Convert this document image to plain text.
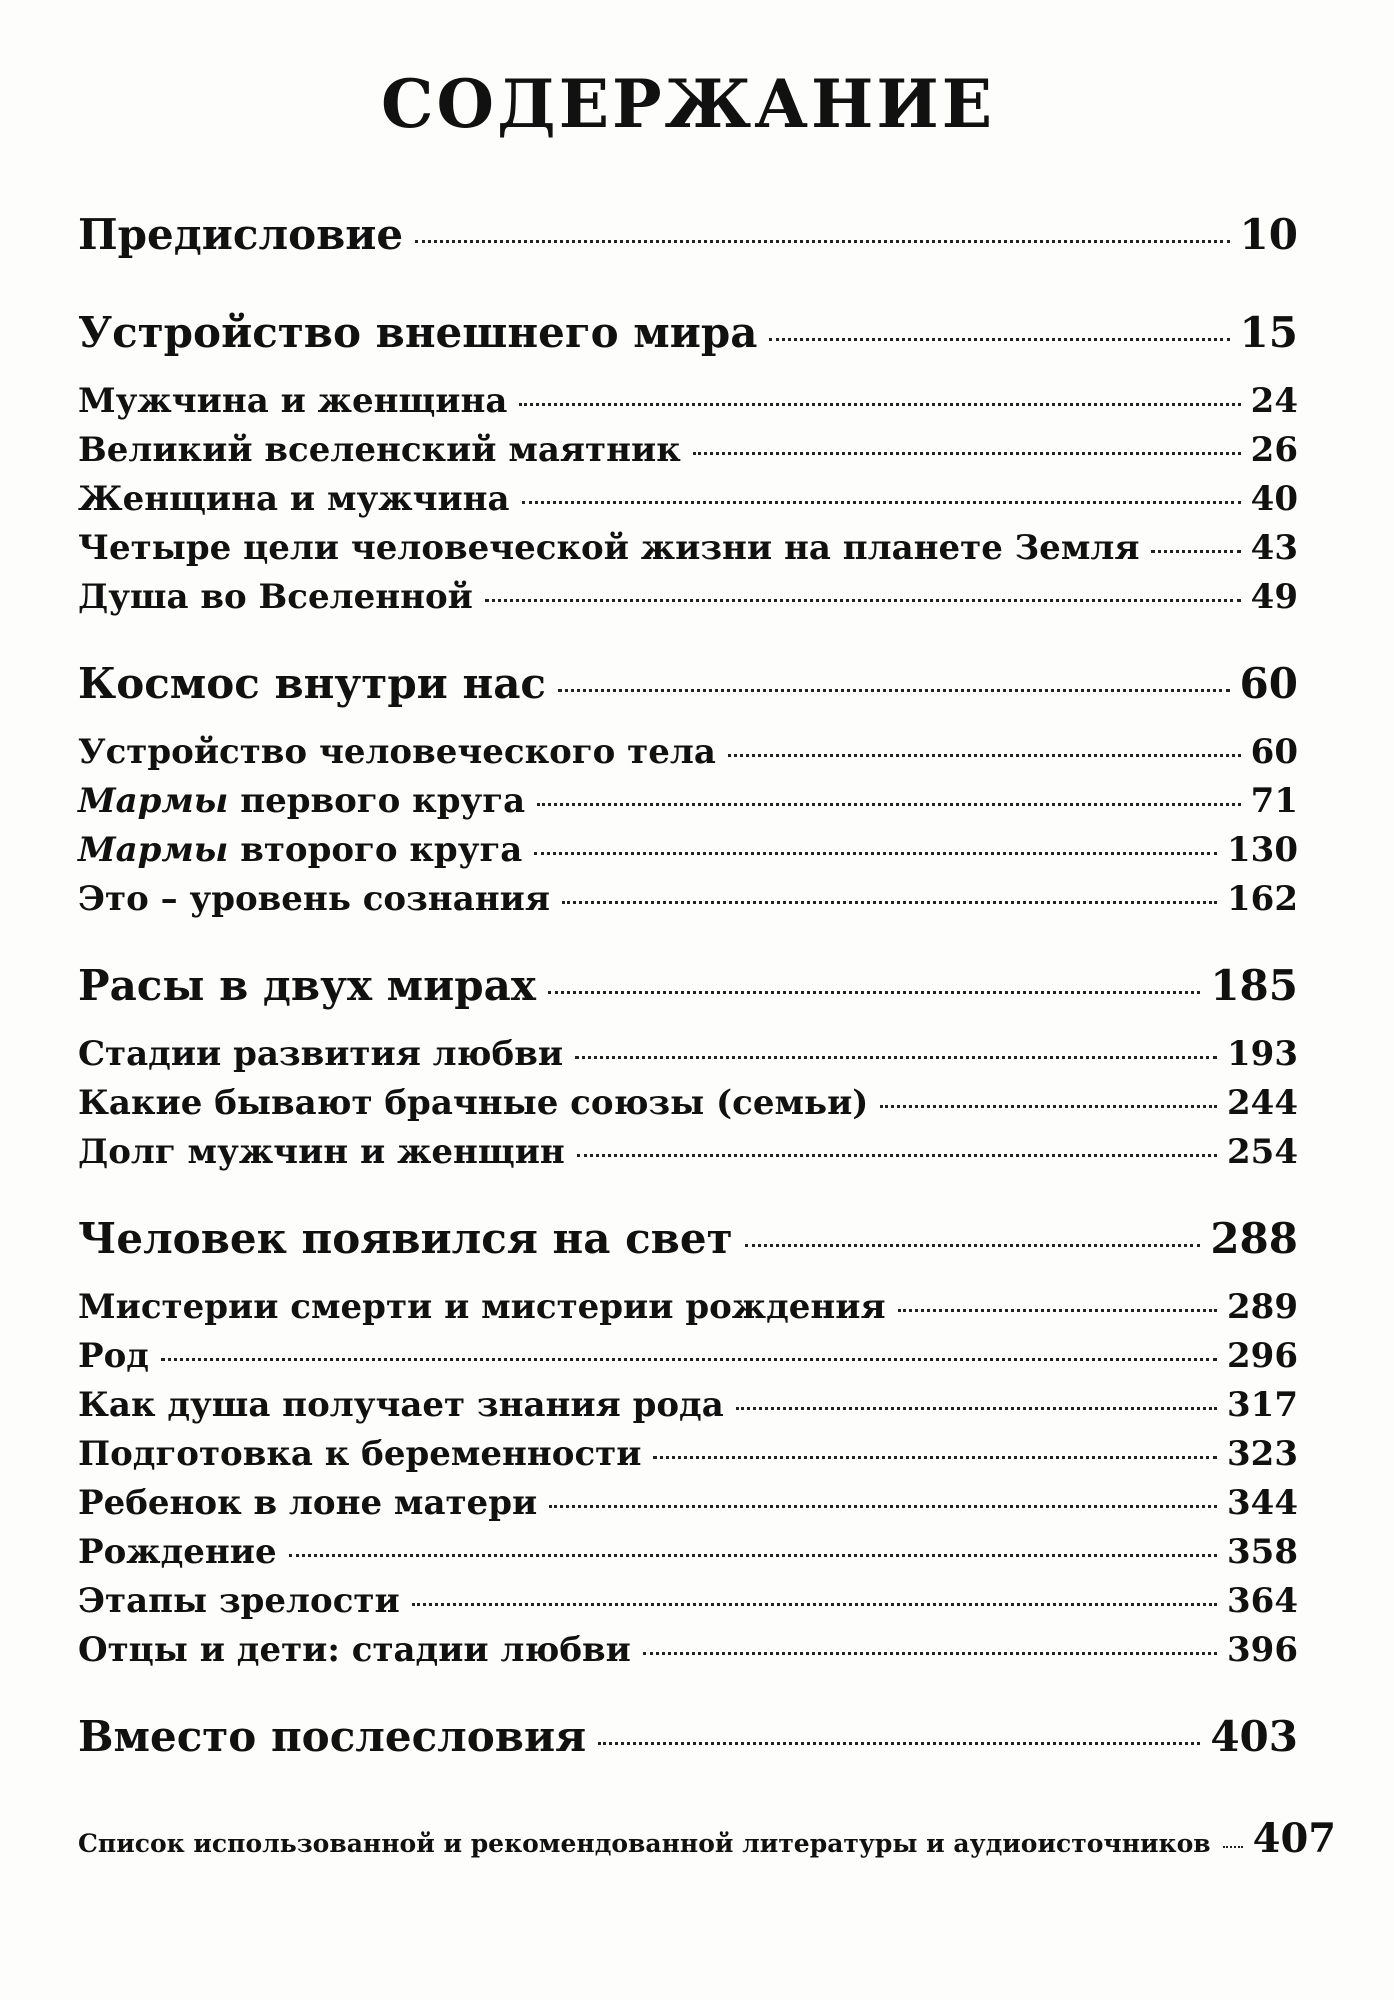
СОДЕРЖАНИЕ
Предисловие	10
Устройство внешнего мира	15
Мужчина и женщина	24
Великий вселенский маятник	26
Женщина и мужчина	40
Четыре цели человеческой жизни на планете Земля	43
Душа во Вселенной	49
Космос внутри нас	60
Устройство человеческого тела	60
Мармы первого круга	71
Мармы второго круга	130
Это – уровень сознания	162
Расы в двух мирах	185
Стадии развития любви	193
Какие бывают брачные союзы (семьи)	244
Долг мужчин и женщин	254
Человек появился на свет	288
Мистерии смерти и мистерии рождения	289
Род	296
Как душа получает знания рода	317
Подготовка к беременности	323
Ребенок в лоне матери	344
Рождение	358
Этапы зрелости	364
Отцы и дети: стадии любви	396
Вместо послесловия	403
Список использованной и рекомендованной литературы и аудиоисточников 407
